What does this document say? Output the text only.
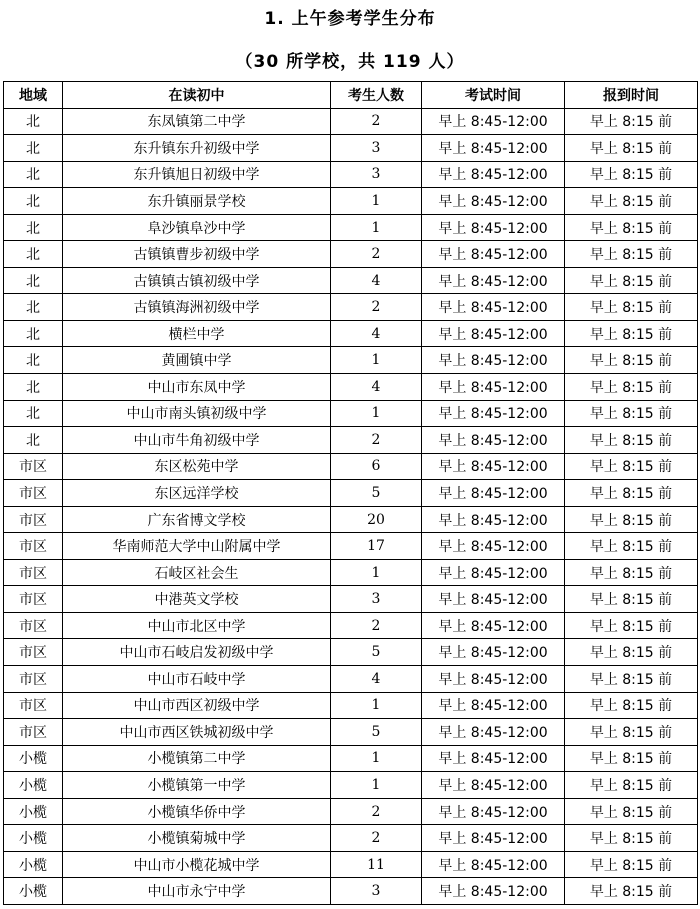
1. 上午参考学生分布
（30 所学校，共 119 人）
地域	在读初中	考生人数	考试时间	报到时间
北	东凤镇第二中学	2	早上 8:45-12:00	早上 8:15 前
北	东升镇东升初级中学	3	早上 8:45-12:00	早上 8:15 前
北	东升镇旭日初级中学	3	早上 8:45-12:00	早上 8:15 前
北	东升镇丽景学校	1	早上 8:45-12:00	早上 8:15 前
北	阜沙镇阜沙中学	1	早上 8:45-12:00	早上 8:15 前
北	古镇镇曹步初级中学	2	早上 8:45-12:00	早上 8:15 前
北	古镇镇古镇初级中学	4	早上 8:45-12:00	早上 8:15 前
北	古镇镇海洲初级中学	2	早上 8:45-12:00	早上 8:15 前
北	横栏中学	4	早上 8:45-12:00	早上 8:15 前
北	黄圃镇中学	1	早上 8:45-12:00	早上 8:15 前
北	中山市东凤中学	4	早上 8:45-12:00	早上 8:15 前
北	中山市南头镇初级中学	1	早上 8:45-12:00	早上 8:15 前
北	中山市牛角初级中学	2	早上 8:45-12:00	早上 8:15 前
市区	东区松苑中学	6	早上 8:45-12:00	早上 8:15 前
市区	东区远洋学校	5	早上 8:45-12:00	早上 8:15 前
市区	广东省博文学校	20	早上 8:45-12:00	早上 8:15 前
市区	华南师范大学中山附属中学	17	早上 8:45-12:00	早上 8:15 前
市区	石岐区社会生	1	早上 8:45-12:00	早上 8:15 前
市区	中港英文学校	3	早上 8:45-12:00	早上 8:15 前
市区	中山市北区中学	2	早上 8:45-12:00	早上 8:15 前
市区	中山市石岐启发初级中学	5	早上 8:45-12:00	早上 8:15 前
市区	中山市石岐中学	4	早上 8:45-12:00	早上 8:15 前
市区	中山市西区初级中学	1	早上 8:45-12:00	早上 8:15 前
市区	中山市西区铁城初级中学	5	早上 8:45-12:00	早上 8:15 前
小榄	小榄镇第二中学	1	早上 8:45-12:00	早上 8:15 前
小榄	小榄镇第一中学	1	早上 8:45-12:00	早上 8:15 前
小榄	小榄镇华侨中学	2	早上 8:45-12:00	早上 8:15 前
小榄	小榄镇菊城中学	2	早上 8:45-12:00	早上 8:15 前
小榄	中山市小榄花城中学	11	早上 8:45-12:00	早上 8:15 前
小榄	中山市永宁中学	3	早上 8:45-12:00	早上 8:15 前
